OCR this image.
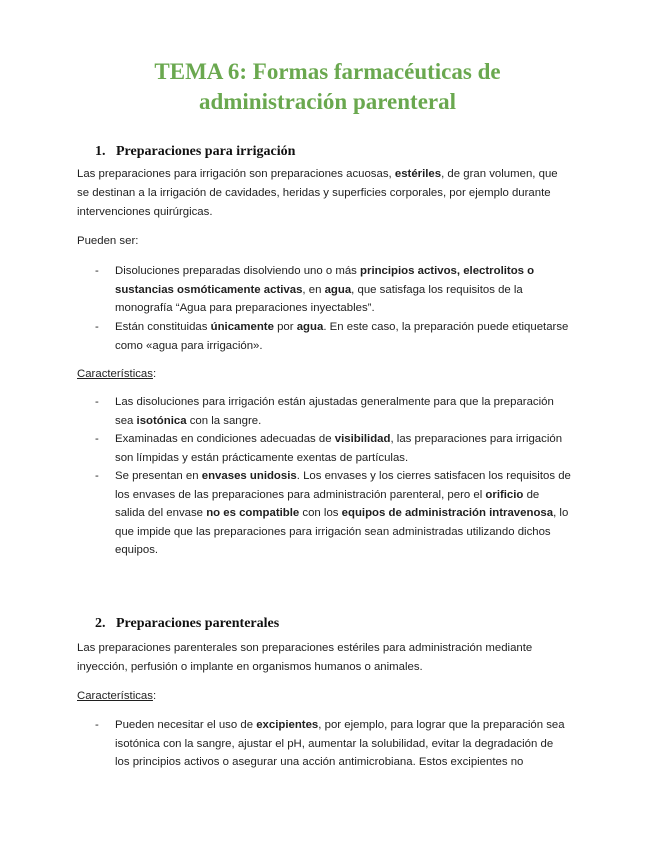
TEMA 6: Formas farmacéuticas de
administración parenteral
1. Preparaciones para irrigación
Las preparaciones para irrigación son preparaciones acuosas, estériles, de gran volumen, que
se destinan a la irrigación de cavidades, heridas y superficies corporales, por ejemplo durante
intervenciones quirúrgicas.
Pueden ser:
- Disoluciones preparadas disolviendo uno o más principios activos, electrolitos o
sustancias osmóticamente activas, en agua, que satisfaga los requisitos de la
monografía “Agua para preparaciones inyectables”.
- Están constituidas únicamente por agua. En este caso, la preparación puede etiquetarse
como «agua para irrigación».
Características:
- Las disoluciones para irrigación están ajustadas generalmente para que la preparación
sea isotónica con la sangre.
- Examinadas en condiciones adecuadas de visibilidad, las preparaciones para irrigación
son límpidas y están prácticamente exentas de partículas.
- Se presentan en envases unidosis. Los envases y los cierres satisfacen los requisitos de
los envases de las preparaciones para administración parenteral, pero el orificio de
salida del envase no es compatible con los equipos de administración intravenosa, lo
que impide que las preparaciones para irrigación sean administradas utilizando dichos
equipos.
2. Preparaciones parenterales
Las preparaciones parenterales son preparaciones estériles para administración mediante
inyección, perfusión o implante en organismos humanos o animales.
Características:
- Pueden necesitar el uso de excipientes, por ejemplo, para lograr que la preparación sea
isotónica con la sangre, ajustar el pH, aumentar la solubilidad, evitar la degradación de
los principios activos o asegurar una acción antimicrobiana. Estos excipientes no
